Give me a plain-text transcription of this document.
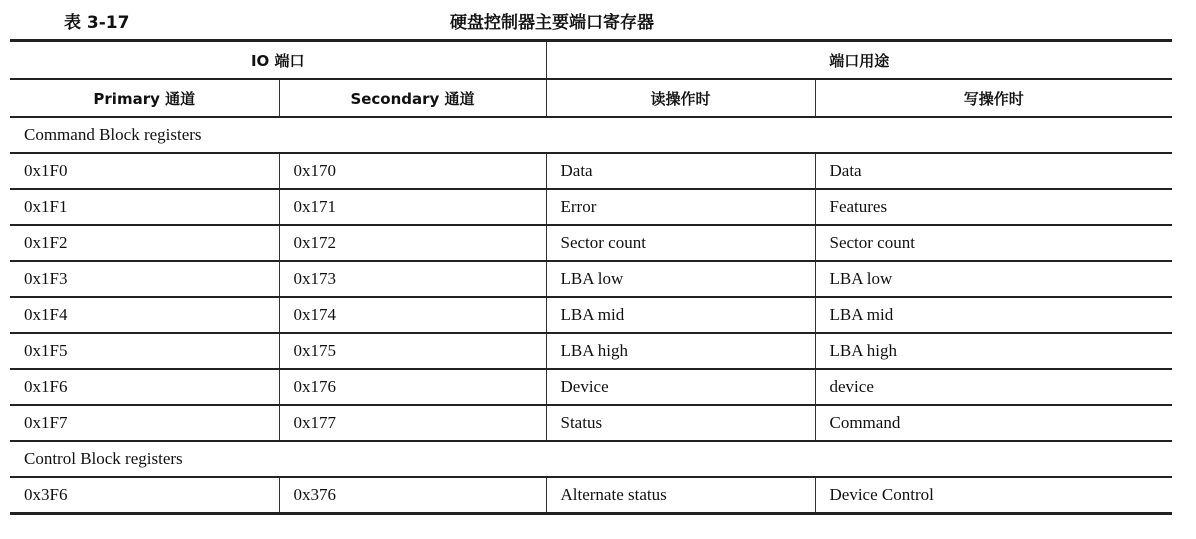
表 3-17	硬盘控制器主要端口寄存器
IO 端口		端口用途	
Primary 通道	Secondary 通道	读操作时	写操作时
Command Block registers			
0x1F0	0x170	Data	Data
0x1F1	0x171	Error	Features
0x1F2	0x172	Sector count	Sector count
0x1F3	0x173	LBA low	LBA low
0x1F4	0x174	LBA mid	LBA mid
0x1F5	0x175	LBA high	LBA high
0x1F6	0x176	Device	device
0x1F7	0x177	Status	Command
Control Block registers			
0x3F6	0x376	Alternate status	Device Control
